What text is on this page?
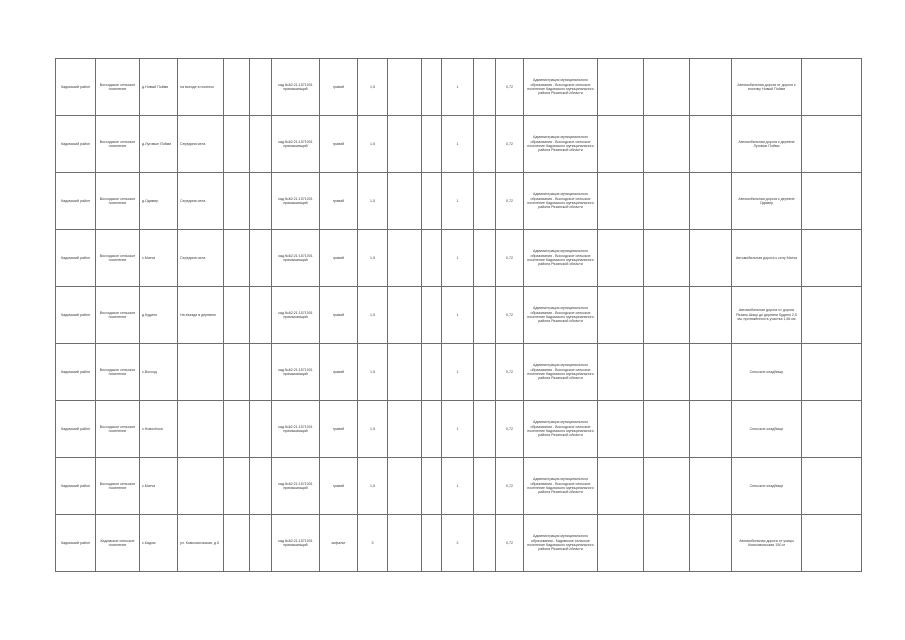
Кадомский район	Восходское сельское поселение	д.Новый Пойми	на въезде в поселок			кад.№62:21:1571001 примыкающий	гравий	1,5			1		0,72	Администрация муниципального образования - Восходское сельское поселение Кадомского муниципального района Рязанской области				Автомобильная дорога от дороги к поселку Новый Пойми	
Кадомский район	Восходское сельское поселение	д.Луговые Пойми	Середина села			кад.№62:21:1571001 примыкающий	гравий	1,5			1		0,72	Администрация муниципального образования - Восходское сельское поселение Кадомского муниципального района Рязанской области				Автомобильная дорога к деревне Луговые Пойми	
Кадомский район	Восходское сельское поселение	д.Одимер	Середина села			кад.№62:21:1571001 примыкающий	гравий	1,5			1		0,72	Администрация муниципального образования - Восходское сельское поселение Кадомского муниципального района Рязанской области				Автомобильная дорога к деревне Одимер	
Кадомский район	Восходское сельское поселение	с.Матчи	Середина села			кад.№62:21:1571001 примыкающий	гравий	1,5			1		0,72	Администрация муниципального образования - Восходское сельское поселение Кадомского муниципального района Рязанской области				Автомобильная дорога к селу Матчи	
Кадомский район	Восходское сельское поселение	д.Кудино	На въезде в деревню			кад.№62:21:1571001 примыкающий	гравий	1,5			1		0,72	Администрация муниципального образования - Восходское сельское поселение Кадомского муниципального района Рязанской области				Автомобильная дорога от дороги Рязань-Шацк до деревни Кудино 2,5 км, протяжённость участка 1,56 км	
Кадомский район	Восходское сельское поселение	с.Восход				кад.№62:21:1571001 примыкающий	гравий	1,5			1		0,72	Администрация муниципального образования - Восходское сельское поселение Кадомского муниципального района Рязанской области				Сельское кладбище	
Кадомский район	Восходское сельское поселение	с.Новосёлки				кад.№62:21:1571001 примыкающий	гравий	1,5			1		0,72	Администрация муниципального образования - Восходское сельское поселение Кадомского муниципального района Рязанской области				Сельское кладбище	
Кадомский район	Восходское сельское поселение	с.Матчи				кад.№62:21:1571001 примыкающий	гравий	1,5			1		0,72	Администрация муниципального образования - Восходское сельское поселение Кадомского муниципального района Рязанской области				Сельское кладбище	
Кадомский район	Кадомское сельское поселение	с.Кадом	ул. Комсомольская, д.5			кад.№62:21:1571001 примыкающий	асфальт	3			2		0,72	Администрация муниципального образования - Кадомское сельское поселение Кадомского муниципального района Рязанской области				Автомобильная дорога от улицы Комсомольская 150 м	
